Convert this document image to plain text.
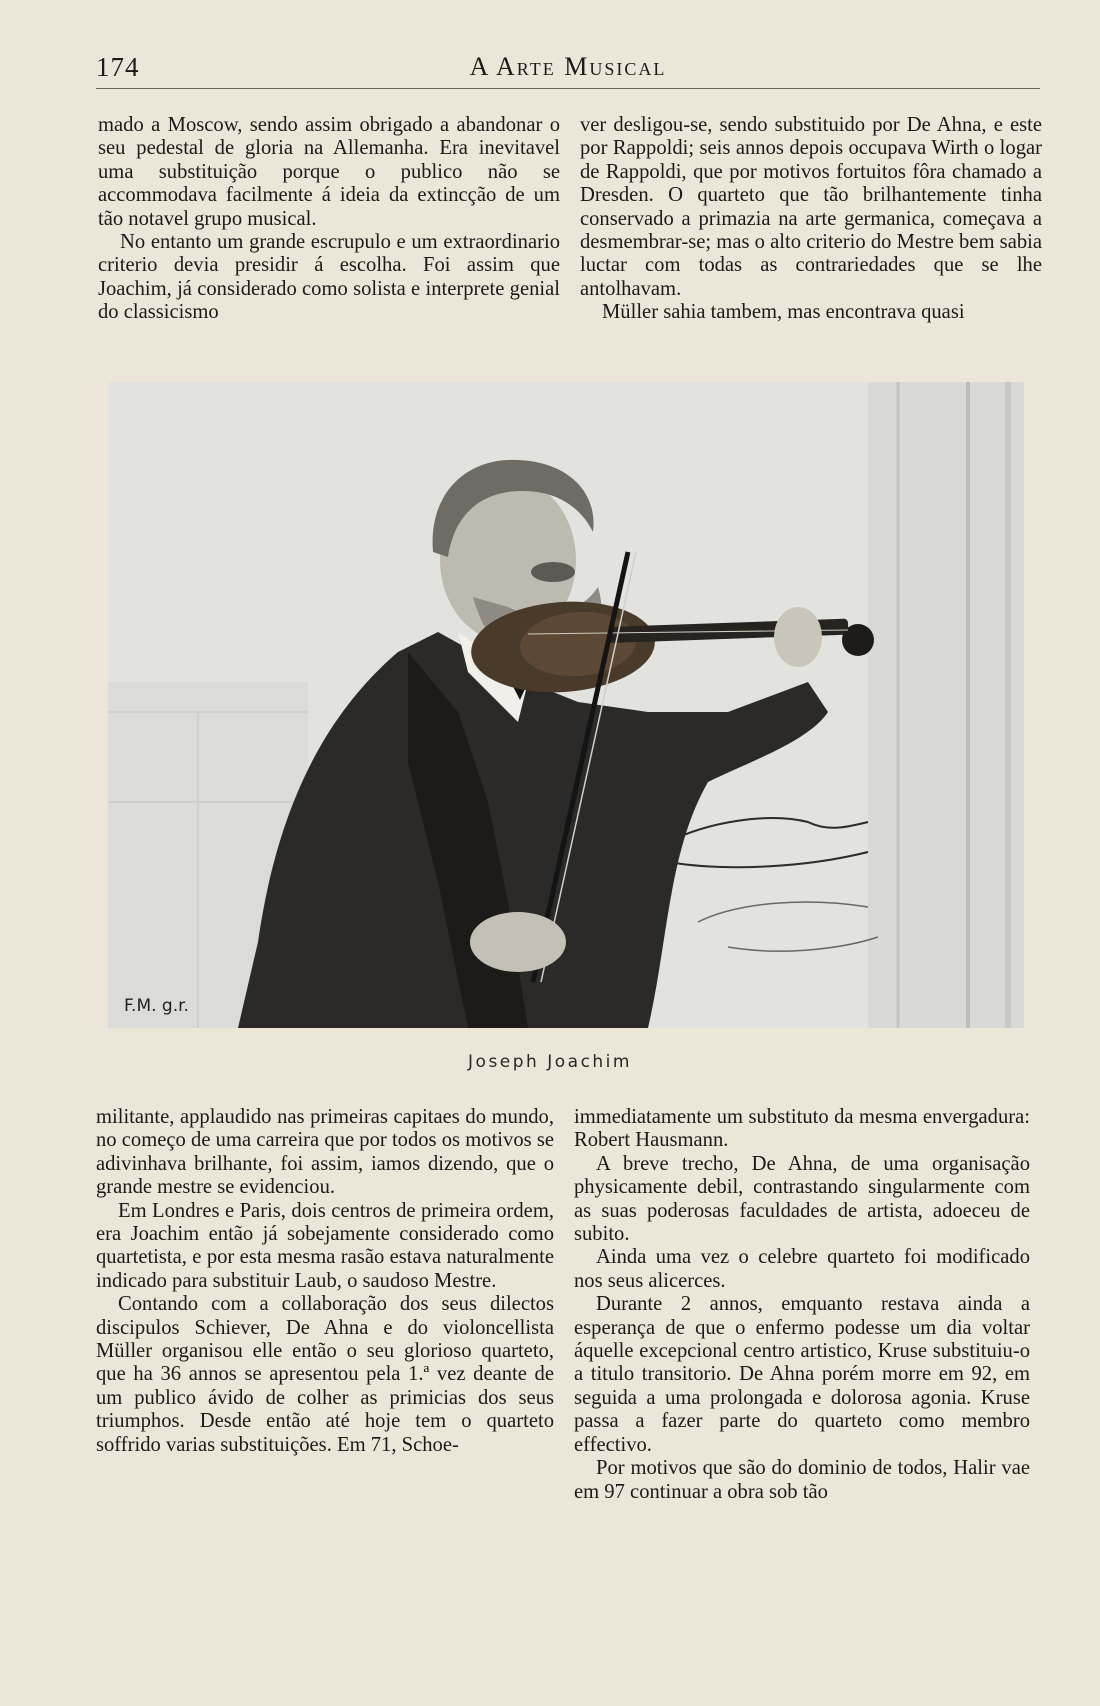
174	A Arte Musical

mado a Moscow, sendo assim obrigado a abandonar o seu pedestal de gloria na Allemanha. Era inevitavel uma substituição porque o publico não se accommodava facilmente á ideia da extincção de um tão notavel grupo musical.

No entanto um grande escrupulo e um extraordinario criterio devia presidir á escolha. Foi assim que Joachim, já considerado como solista e interprete genial do classicismo

ver desligou-se, sendo substituido por De Ahna, e este por Rappoldi; seis annos depois occupava Wirth o logar de Rappoldi, que por motivos fortuitos fôra chamado a Dresden. O quarteto que tão brilhantemente tinha conservado a primazia na arte germanica, começava a desmembrar-se; mas o alto criterio do Mestre bem sabia luctar com todas as contrariedades que se lhe antolhavam.

Müller sahia tambem, mas encontrava quasi

F.M. g.r.
Joseph Joachim

militante, applaudido nas primeiras capitaes do mundo, no começo de uma carreira que por todos os motivos se adivinhava brilhante, foi assim, iamos dizendo, que o grande mestre se evidenciou.

Em Londres e Paris, dois centros de primeira ordem, era Joachim então já sobejamente considerado como quartetista, e por esta mesma rasão estava naturalmente indicado para substituir Laub, o saudoso Mestre.

Contando com a collaboração dos seus dilectos discipulos Schiever, De Ahna e do violoncellista Müller organisou elle então o seu glorioso quarteto, que ha 36 annos se apresentou pela 1.ª vez deante de um publico ávido de colher as primicias dos seus triumphos. Desde então até hoje tem o quarteto soffrido varias substituições. Em 71, Schoe-

immediatamente um substituto da mesma envergadura: Robert Hausmann.

A breve trecho, De Ahna, de uma organisação physicamente debil, contrastando singularmente com as suas poderosas faculdades de artista, adoeceu de subito.

Ainda uma vez o celebre quarteto foi modificado nos seus alicerces.

Durante 2 annos, emquanto restava ainda a esperança de que o enfermo podesse um dia voltar áquelle excepcional centro artistico, Kruse substituiu-o a titulo transitorio. De Ahna porém morre em 92, em seguida a uma prolongada e dolorosa agonia. Kruse passa a fazer parte do quarteto como membro effectivo.

Por motivos que são do dominio de todos, Halir vae em 97 continuar a obra sob tão
